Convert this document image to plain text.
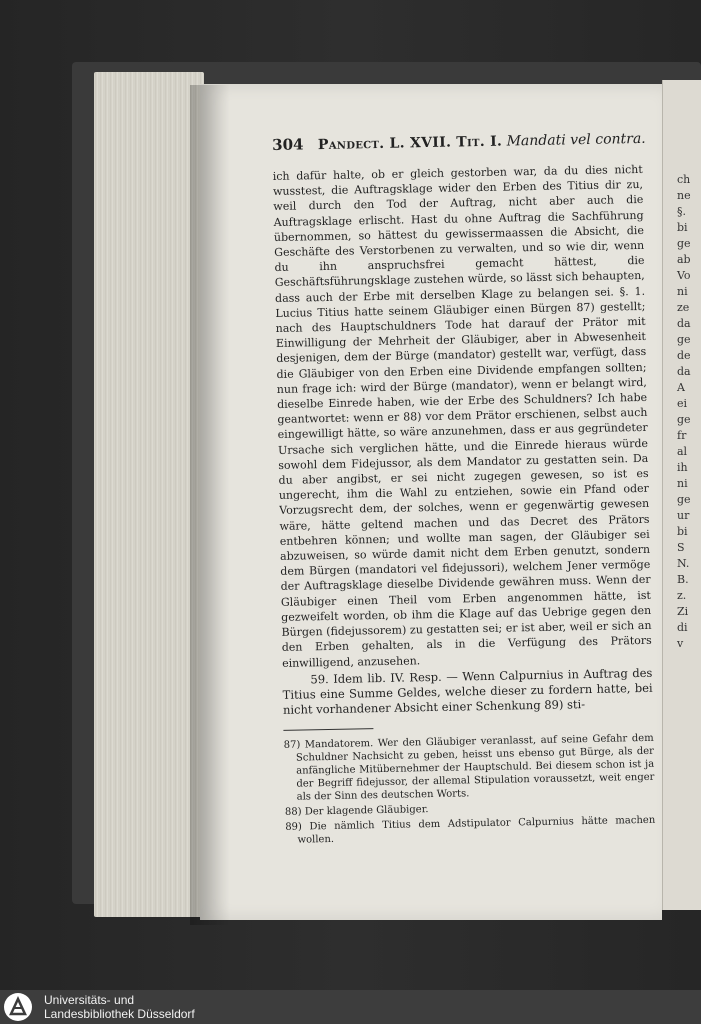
ch
ne
§.
bi
ge
ab
Vo
ni
ze
da
ge
de
da
A
ei
ge
fr
al
ih
ni
ge
ur
bi
S
N.
B.
z.
Zi
di
v
304 Pandect. L. XVII. Tit. I. Mandati vel contra.

ich dafür halte, ob er gleich gestorben war, da du dies nicht wusstest, die Auftragsklage wider den Erben des Titius dir zu, weil durch den Tod der Auftrag, nicht aber auch die Auftragsklage erlischt. Hast du ohne Auftrag die Sachführung übernommen, so hättest du gewissermaassen die Absicht, die Geschäfte des Verstorbenen zu verwalten, und so wie dir, wenn du ihn anspruchsfrei gemacht hättest, die Geschäftsführungsklage zustehen würde, so lässt sich behaupten, dass auch der Erbe mit derselben Klage zu belangen sei. §. 1. Lucius Titius hatte seinem Gläubiger einen Bürgen 87) gestellt; nach des Hauptschuldners Tode hat darauf der Prätor mit Einwilligung der Mehrheit der Gläubiger, aber in Abwesenheit desjenigen, dem der Bürge (mandator) gestellt war, verfügt, dass die Gläubiger von den Erben eine Dividende empfangen sollten; nun frage ich: wird der Bürge (mandator), wenn er belangt wird, dieselbe Einrede haben, wie der Erbe des Schuldners? Ich habe geantwortet: wenn er 88) vor dem Prätor erschienen, selbst auch eingewilligt hätte, so wäre anzunehmen, dass er aus gegründeter Ursache sich verglichen hätte, und die Einrede hieraus würde sowohl dem Fidejussor, als dem Mandator zu gestatten sein. Da du aber angibst, er sei nicht zugegen gewesen, so ist es ungerecht, ihm die Wahl zu entziehen, sowie ein Pfand oder Vorzugsrecht dem, der solches, wenn er gegenwärtig gewesen wäre, hätte geltend machen und das Decret des Prätors entbehren können; und wollte man sagen, der Gläubiger sei abzuweisen, so würde damit nicht dem Erben genutzt, sondern dem Bürgen (mandatori vel fidejussori), welchem Jener vermöge der Auftragsklage dieselbe Dividende gewähren muss. Wenn der Gläubiger einen Theil vom Erben angenommen hätte, ist gezweifelt worden, ob ihm die Klage auf das Uebrige gegen den Bürgen (fidejussorem) zu gestatten sei; er ist aber, weil er sich an den Erben gehalten, als in die Verfügung des Prätors einwilligend, anzusehen.

59. Idem lib. IV. Resp. — Wenn Calpurnius in Auftrag des Titius eine Summe Geldes, welche dieser zu fordern hatte, bei nicht vorhandener Absicht einer Schenkung 89) sti-

87) Mandatorem. Wer den Gläubiger veranlasst, auf seine Gefahr dem Schuldner Nachsicht zu geben, heisst uns ebenso gut Bürge, als der anfängliche Mitübernehmer der Hauptschuld. Bei diesem schon ist ja der Begriff fidejussor, der allemal Stipulation voraussetzt, weit enger als der Sinn des deutschen Worts.

88) Der klagende Gläubiger.

89) Die nämlich Titius dem Adstipulator Calpurnius hätte machen wollen.

Universitäts- und
Landesbibliothek Düsseldorf
